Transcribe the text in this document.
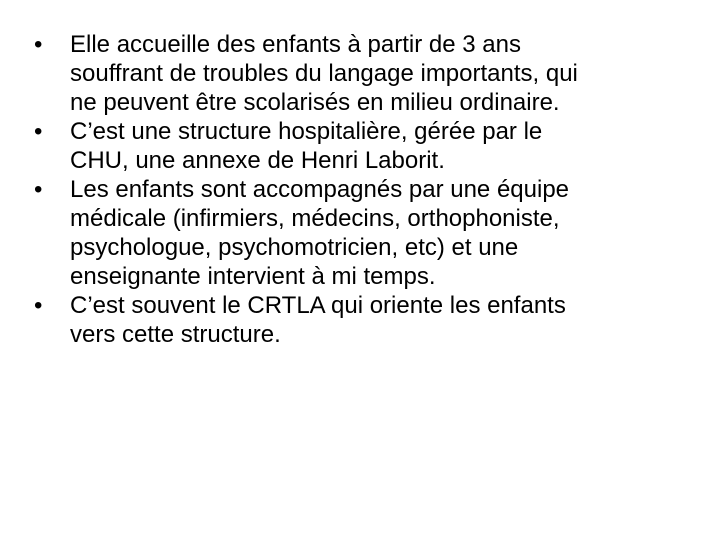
•	Elle accueille des enfants à partir de 3 ans
souffrant de troubles du langage importants, qui
ne peuvent être scolarisés en milieu ordinaire.
•	C’est une structure hospitalière, gérée par le
CHU, une annexe de Henri Laborit.
•	Les enfants sont accompagnés par une équipe
médicale (infirmiers, médecins, orthophoniste,
psychologue, psychomotricien, etc) et une
enseignante intervient à mi temps.
•	C’est souvent le CRTLA qui oriente les enfants
vers cette structure.
